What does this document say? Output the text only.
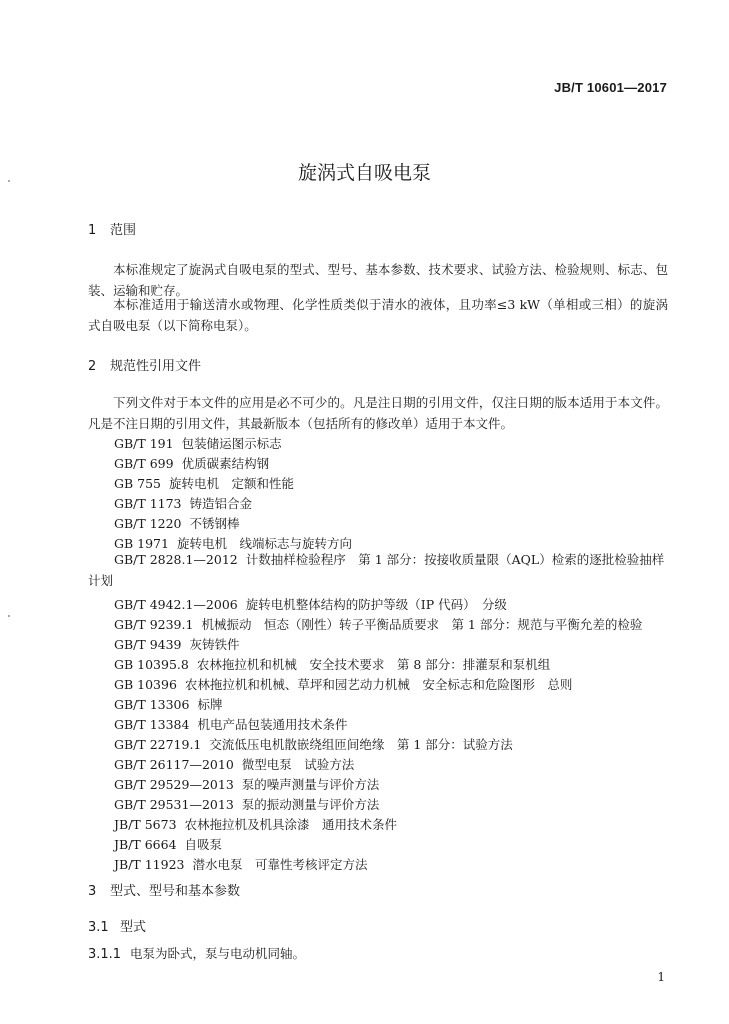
JB/T 10601—2017
旋涡式自吸电泵
1 范围
本标准规定了旋涡式自吸电泵的型式、型号、基本参数、技术要求、试验方法、检验规则、标志、包装、运输和贮存。
本标准适用于输送清水或物理、化学性质类似于清水的液体，且功率≤3 kW（单相或三相）的旋涡式自吸电泵（以下简称电泵）。
2 规范性引用文件
下列文件对于本文件的应用是必不可少的。凡是注日期的引用文件，仅注日期的版本适用于本文件。凡是不注日期的引用文件，其最新版本（包括所有的修改单）适用于本文件。
GB/T 191 包装储运图示标志
GB/T 699 优质碳素结构钢
GB 755 旋转电机　定额和性能
GB/T 1173 铸造铝合金
GB/T 1220 不锈钢棒
GB 1971 旋转电机　线端标志与旋转方向
GB/T 2828.1—2012 计数抽样检验程序　第 1 部分：按接收质量限（AQL）检索的逐批检验抽样计划
GB/T 4942.1—2006 旋转电机整体结构的防护等级（IP 代码）　分级
GB/T 9239.1 机械振动　恒态（刚性）转子平衡品质要求　第 1 部分：规范与平衡允差的检验
GB/T 9439 灰铸铁件
GB 10395.8 农林拖拉机和机械　安全技术要求　第 8 部分：排灌泵和泵机组
GB 10396 农林拖拉机和机械、草坪和园艺动力机械　安全标志和危险图形　总则
GB/T 13306 标牌
GB/T 13384 机电产品包装通用技术条件
GB/T 22719.1 交流低压电机散嵌绕组匝间绝缘　第 1 部分：试验方法
GB/T 26117—2010 微型电泵　试验方法
GB/T 29529—2013 泵的噪声测量与评价方法
GB/T 29531—2013 泵的振动测量与评价方法
JB/T 5673 农林拖拉机及机具涂漆　通用技术条件
JB/T 6664 自吸泵
JB/T 11923 潜水电泵　可靠性考核评定方法
3 型式、型号和基本参数
3.1 型式
3.1.1 电泵为卧式，泵与电动机同轴。
1
